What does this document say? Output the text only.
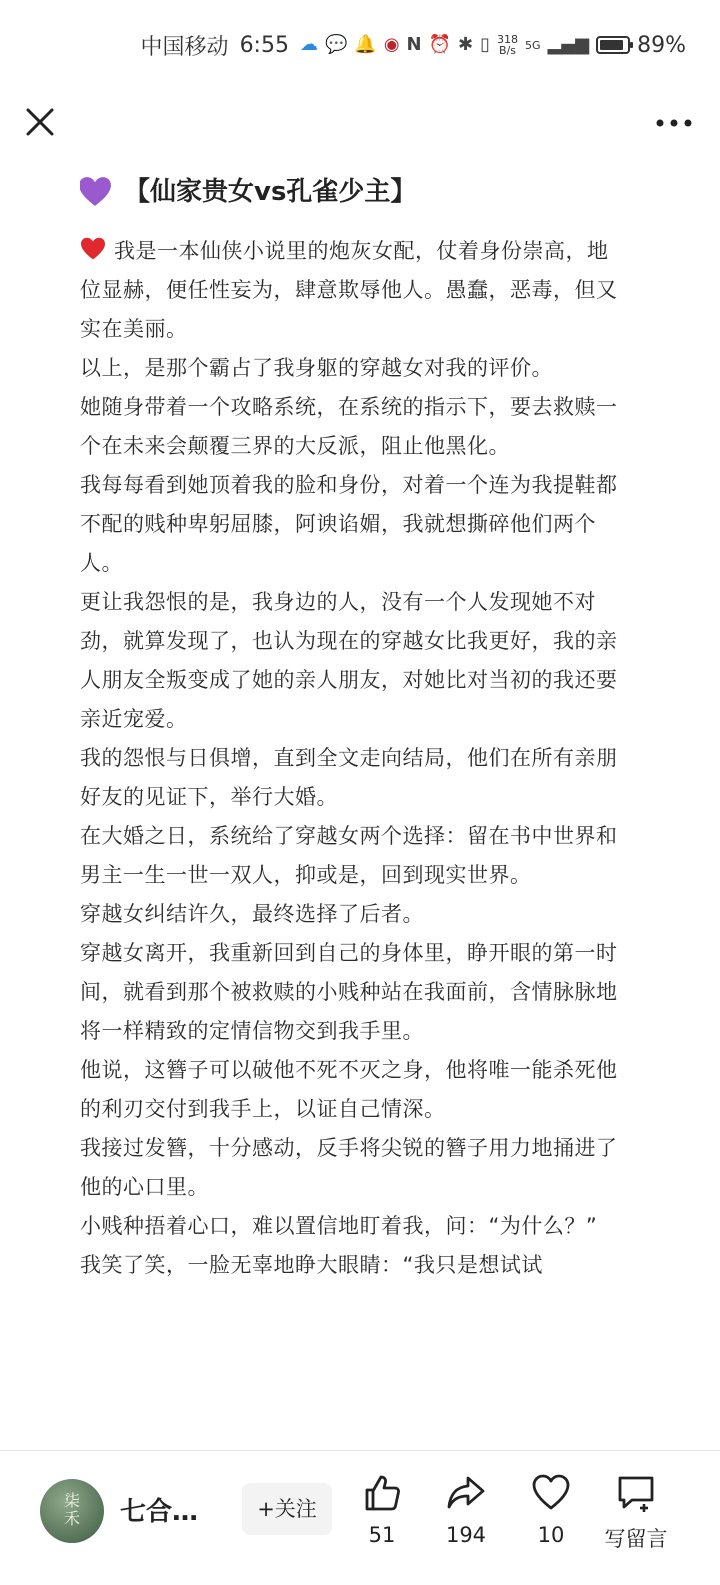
中国移动 6:55 ☁ 💬 🔔 ◉ N ⏰ ✱ ▯ 318
B/s 5G ▂▄▆ 89%
【仙家贵女vs孔雀少主】

我是一本仙侠小说里的炮灰女配，仗着身份崇高，地位显赫，便任性妄为，肆意欺辱他人。愚蠢，恶毒，但又实在美丽。

以上，是那个霸占了我身躯的穿越女对我的评价。

她随身带着一个攻略系统，在系统的指示下，要去救赎一个在未来会颠覆三界的大反派，阻止他黑化。

我每每看到她顶着我的脸和身份，对着一个连为我提鞋都不配的贱种卑躬屈膝，阿谀谄媚，我就想撕碎他们两个人。

更让我怨恨的是，我身边的人，没有一个人发现她不对劲，就算发现了，也认为现在的穿越女比我更好，我的亲人朋友全叛变成了她的亲人朋友，对她比对当初的我还要亲近宠爱。

我的怨恨与日俱增，直到全文走向结局，他们在所有亲朋好友的见证下，举行大婚。

在大婚之日，系统给了穿越女两个选择：留在书中世界和男主一生一世一双人，抑或是，回到现实世界。

穿越女纠结许久，最终选择了后者。

穿越女离开，我重新回到自己的身体里，睁开眼的第一时间，就看到那个被救赎的小贱种站在我面前，含情脉脉地将一样精致的定情信物交到我手里。

他说，这簪子可以破他不死不灭之身，他将唯一能杀死他的利刃交付到我手上，以证自己情深。

我接过发簪，十分感动，反手将尖锐的簪子用力地捅进了他的心口里。

小贱种捂着心口，难以置信地盯着我，问：“为什么？”

我笑了笑，一脸无辜地睁大眼睛：“我只是想试试

柒禾	七合…	+关注
51	194	10	写留言
